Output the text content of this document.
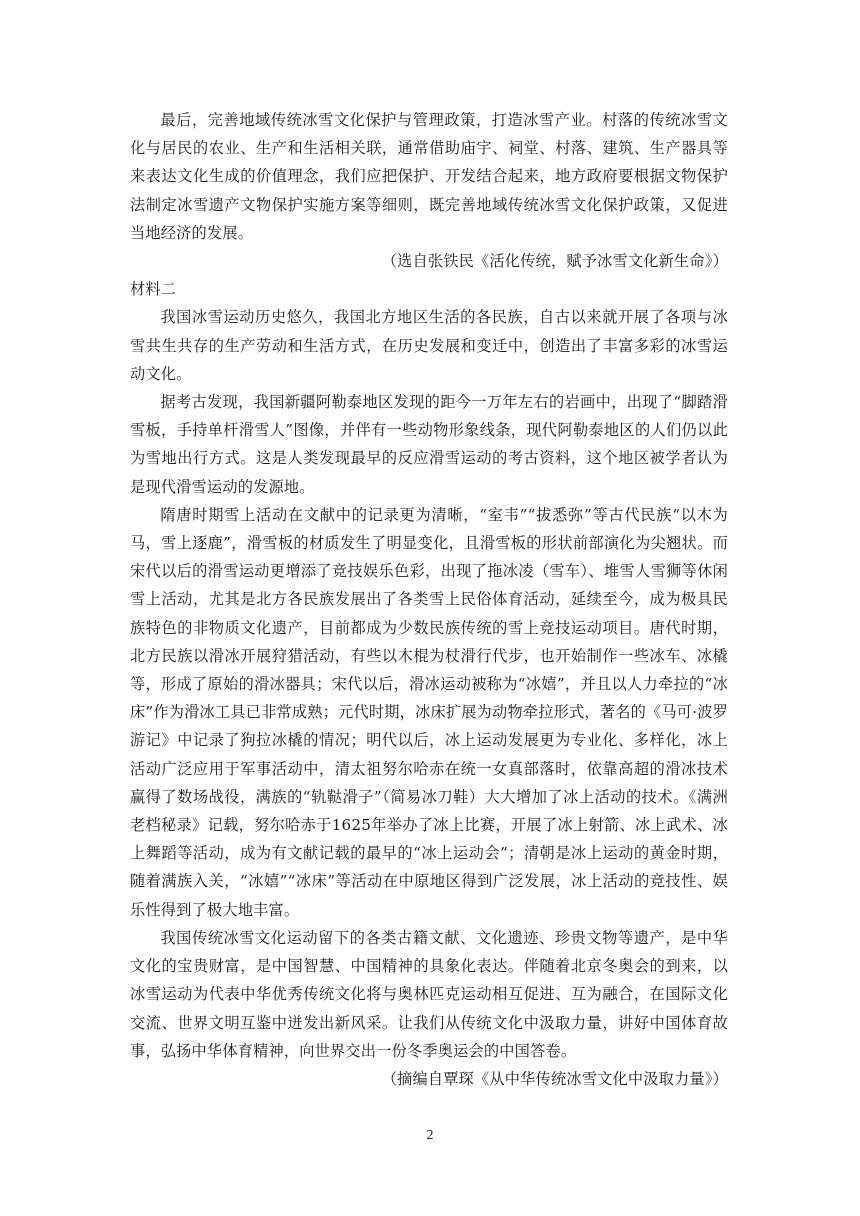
最后，完善地域传统冰雪文化保护与管理政策，打造冰雪产业。村落的传统冰雪文化与居民的农业、生产和生活相关联，通常借助庙宇、祠堂、村落、建筑、生产器具等来表达文化生成的价值理念，我们应把保护、开发结合起来，地方政府要根据文物保护法制定冰雪遗产文物保护实施方案等细则，既完善地域传统冰雪文化保护政策，又促进当地经济的发展。

（选自张铁民《活化传统，赋予冰雪文化新生命》）

材料二

我国冰雪运动历史悠久，我国北方地区生活的各民族，自古以来就开展了各项与冰雪共生共存的生产劳动和生活方式，在历史发展和变迁中，创造出了丰富多彩的冰雪运动文化。

据考古发现，我国新疆阿勒泰地区发现的距今一万年左右的岩画中，出现了“脚踏滑雪板，手持单杆滑雪人”图像，并伴有一些动物形象线条，现代阿勒泰地区的人们仍以此为雪地出行方式。这是人类发现最早的反应滑雪运动的考古资料，这个地区被学者认为是现代滑雪运动的发源地。

隋唐时期雪上活动在文献中的记录更为清晰，“室韦”“拔悉弥”等古代民族“以木为马，雪上逐鹿”，滑雪板的材质发生了明显变化，且滑雪板的形状前部演化为尖翘状。而宋代以后的滑雪运动更增添了竞技娱乐色彩，出现了拖冰凌（雪车）、堆雪人雪狮等休闲雪上活动，尤其是北方各民族发展出了各类雪上民俗体育活动，延续至今，成为极具民族特色的非物质文化遗产，目前都成为少数民族传统的雪上竞技运动项目。唐代时期，北方民族以滑冰开展狩猎活动，有些以木棍为杖滑行代步，也开始制作一些冰车、冰橇等，形成了原始的滑冰器具；宋代以后，滑冰运动被称为“冰嬉”，并且以人力牵拉的“冰床”作为滑冰工具已非常成熟；元代时期，冰床扩展为动物牵拉形式，著名的《马可·波罗游记》中记录了狗拉冰橇的情况；明代以后，冰上运动发展更为专业化、多样化，冰上活动广泛应用于军事活动中，清太祖努尔哈赤在统一女真部落时，依靠高超的滑冰技术赢得了数场战役，满族的“轨鞑滑子”（简易冰刀鞋）大大增加了冰上活动的技术。《满洲老档秘录》记载，努尔哈赤于1625年举办了冰上比赛，开展了冰上射箭、冰上武术、冰上舞蹈等活动，成为有文献记载的最早的“冰上运动会”；清朝是冰上运动的黄金时期，随着满族入关，“冰嬉”“冰床”等活动在中原地区得到广泛发展，冰上活动的竞技性、娱乐性得到了极大地丰富。

我国传统冰雪文化运动留下的各类古籍文献、文化遗迹、珍贵文物等遗产，是中华文化的宝贵财富，是中国智慧、中国精神的具象化表达。伴随着北京冬奥会的到来，以冰雪运动为代表中华优秀传统文化将与奥林匹克运动相互促进、互为融合，在国际文化交流、世界文明互鉴中迸发出新风采。让我们从传统文化中汲取力量，讲好中国体育故事，弘扬中华体育精神，向世界交出一份冬季奥运会的中国答卷。

（摘编自覃琛《从中华传统冰雪文化中汲取力量》）

2
